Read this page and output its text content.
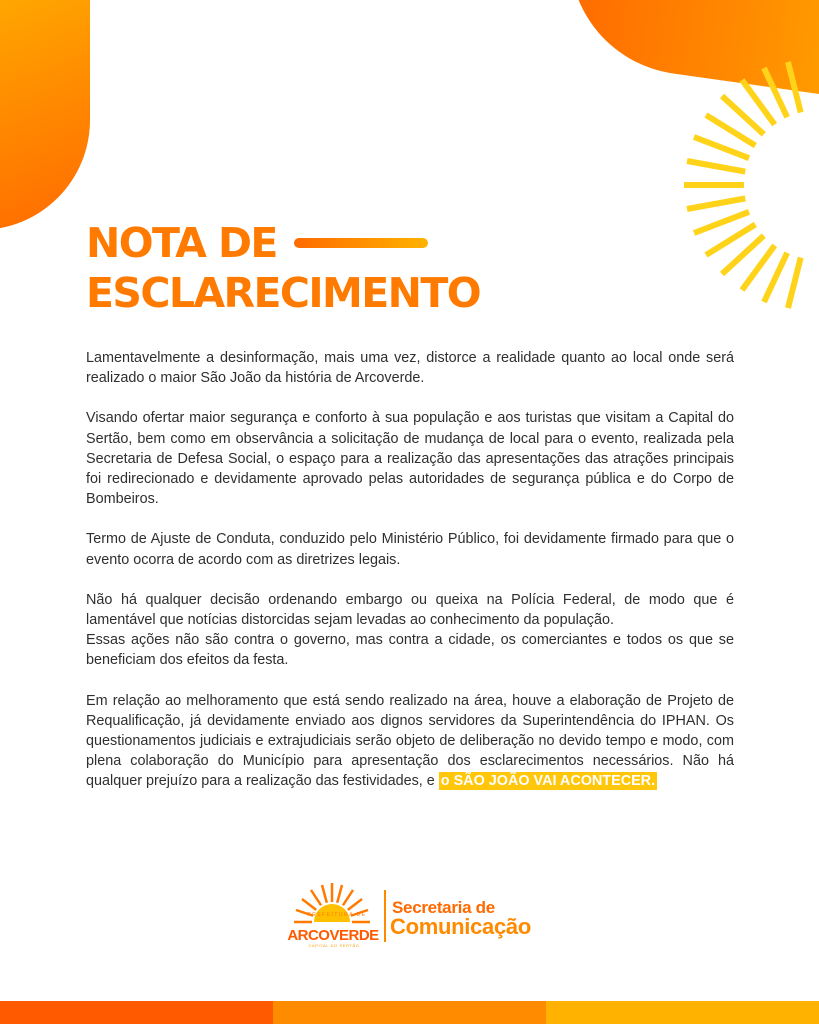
NOTA DE
ESCLARECIMENTO

Lamentavelmente a desinformação, mais uma vez, distorce a realidade quanto ao local onde será realizado o maior São João da história de Arcoverde.

Visando ofertar maior segurança e conforto à sua população e aos turistas que visitam a Capital do Sertão, bem como em observância a solicitação de mudança de local para o evento, realizada pela Secretaria de Defesa Social, o espaço para a realização das apresentações das atrações principais foi redirecionado e devidamente aprovado pelas autoridades de segurança pública e do Corpo de Bombeiros.

Termo de Ajuste de Conduta, conduzido pelo Ministério Público, foi devidamente firmado para que o evento ocorra de acordo com as diretrizes legais.

Não há qualquer decisão ordenando embargo ou queixa na Polícia Federal, de modo que é lamentável que notícias distorcidas sejam levadas ao conhecimento da população.

Essas ações não são contra o governo, mas contra a cidade, os comerciantes e todos os que se beneficiam dos efeitos da festa.

Em relação ao melhoramento que está sendo realizado na área, houve a elaboração de Projeto de Requalificação, já devidamente enviado aos dignos servidores da Superintendência do IPHAN. Os questionamentos judiciais e extrajudiciais serão objeto de deliberação no devido tempo e modo, com plena colaboração do Município para apresentação dos esclarecimentos necessários. Não há qualquer prejuízo para a realização das festividades, e o SÃO JOÃO VAI ACONTECER.

PREFEITURA DE
ARCOVERDE
CAPITAL DO SERTÃO
Secretaria de
Comunicação
